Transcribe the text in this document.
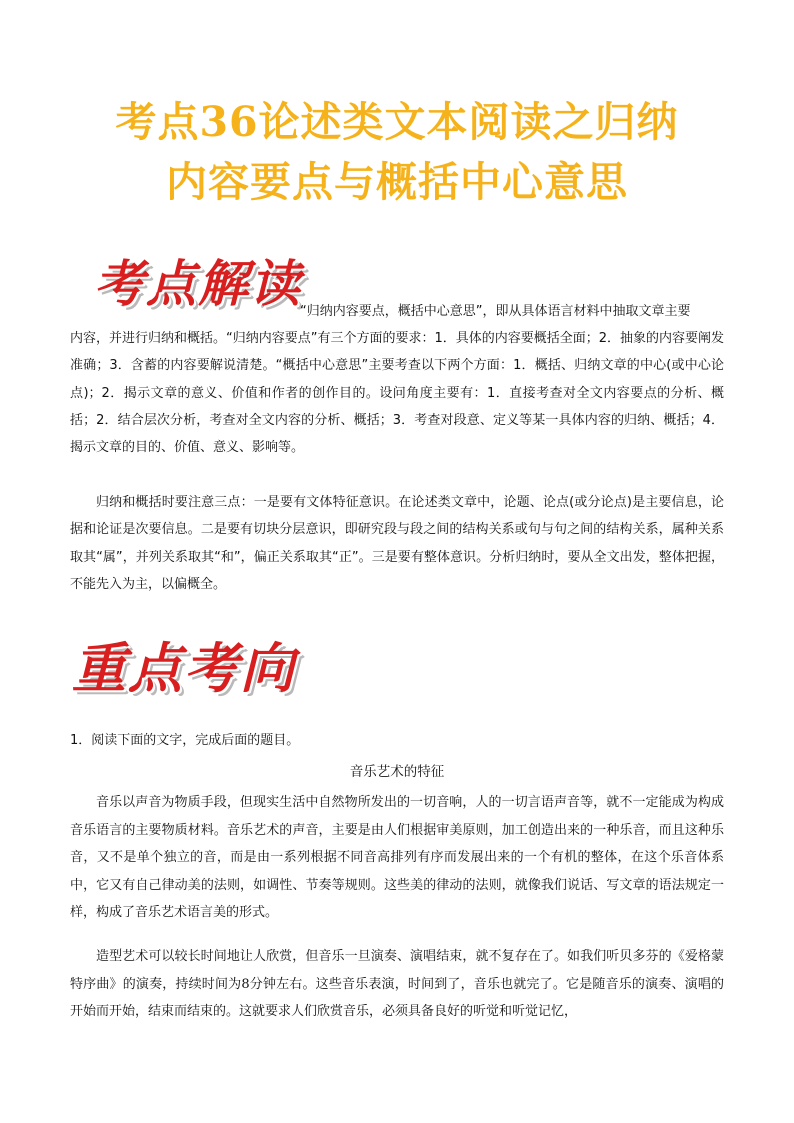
考点36论述类文本阅读之归纳
内容要点与概括中心意思
考点解读
“归纳内容要点，概括中心意思”，即从具体语言材料中抽取文章主要
内容，并进行归纳和概括。“归纳内容要点”有三个方面的要求：1．具体的内容要概括全面；2．抽象的内容要阐发准确；3．含蓄的内容要解说清楚。“概括中心意思”主要考查以下两个方面：1．概括、归纳文章的中心(或中心论点)；2．揭示文章的意义、价值和作者的创作目的。设问角度主要有：1．直接考查对全文内容要点的分析、概括；2．结合层次分析，考查对全文内容的分析、概括；3．考查对段意、定义等某一具体内容的归纳、概括；4．揭示文章的目的、价值、意义、影响等。
归纳和概括时要注意三点：一是要有文体特征意识。在论述类文章中，论题、论点(或分论点)是主要信息，论据和论证是次要信息。二是要有切块分层意识，即研究段与段之间的结构关系或句与句之间的结构关系，属种关系取其“属”，并列关系取其“和”，偏正关系取其“正”。三是要有整体意识。分析归纳时，要从全文出发，整体把握，不能先入为主，以偏概全。
重点考向
1．阅读下面的文字，完成后面的题目。
音乐艺术的特征
音乐以声音为物质手段，但现实生活中自然物所发出的一切音响，人的一切言语声音等，就不一定能成为构成音乐语言的主要物质材料。音乐艺术的声音，主要是由人们根据审美原则，加工创造出来的一种乐音，而且这种乐音，又不是单个独立的音，而是由一系列根据不同音高排列有序而发展出来的一个有机的整体，在这个乐音体系中，它又有自己律动美的法则，如调性、节奏等规则。这些美的律动的法则，就像我们说话、写文章的语法规定一样，构成了音乐艺术语言美的形式。
造型艺术可以较长时间地让人欣赏，但音乐一旦演奏、演唱结束，就不复存在了。如我们听贝多芬的《爱格蒙特序曲》的演奏，持续时间为8分钟左右。这些音乐表演，时间到了，音乐也就完了。它是随音乐的演奏、演唱的开始而开始，结束而结束的。这就要求人们欣赏音乐，必须具备良好的听觉和听觉记忆，
